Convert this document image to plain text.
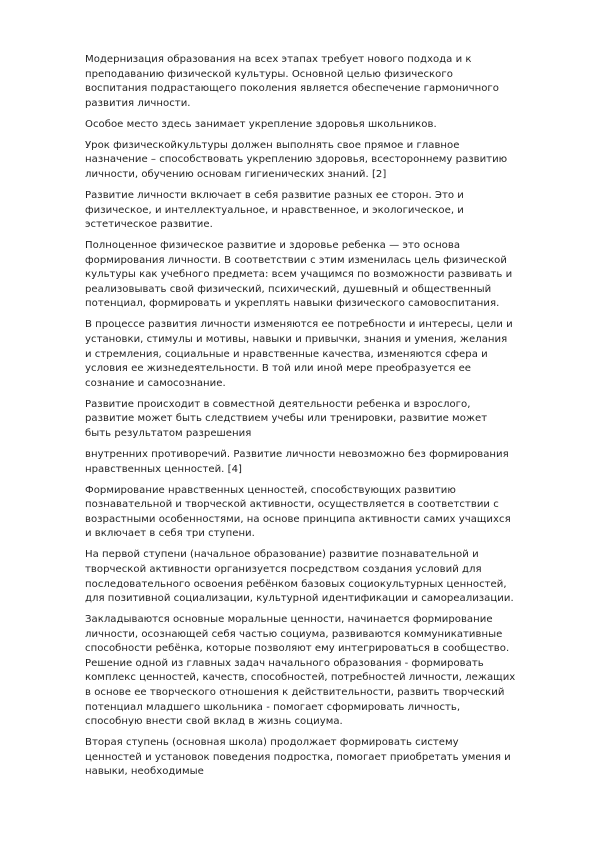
Модернизация образования на всех этапах требует нового подхода и к
преподаванию физической культуры. Основной целью физического
воспитания подрастающего поколения является обеспечение гармоничного
развития личности.

Особое место здесь занимает укрепление здоровья школьников.

Урок физическойкультуры должен выполнять свое прямое и главное
назначение – способствовать укреплению здоровья, всестороннему развитию
личности, обучению основам гигиенических знаний. [2]

Развитие личности включает в себя развитие разных ее сторон. Это и
физическое, и интеллектуальное, и нравственное, и экологическое, и
эстетическое развитие.

Полноценное физическое развитие и здоровье ребенка — это основа
формирования личности. В соответствии с этим изменилась цель физической
культуры как учебного предмета: всем учащимся по возможности развивать и
реализовывать свой физический, психический, душевный и общественный
потенциал, формировать и укреплять навыки физического самовоспитания.

В процессе развития личности изменяются ее потребности и интересы, цели и
установки, стимулы и мотивы, навыки и привычки, знания и умения, желания
и стремления, социальные и нравственные качества, изменяются сфера и
условия ее жизнедеятельности. В той или иной мере преобразуется ее
сознание и самосознание.

Развитие происходит в совместной деятельности ребенка и взрослого,
развитие может быть следствием учебы или тренировки, развитие может
быть результатом разрешения

внутренних противоречий. Развитие личности невозможно без формирования
нравственных ценностей. [4]

Формирование нравственных ценностей, способствующих развитию
познавательной и творческой активности, осуществляется в соответствии с
возрастными особенностями, на основе принципа активности самих учащихся
и включает в себя три ступени.

На первой ступени (начальное образование) развитие познавательной и
творческой активности организуется посредством создания условий для
последовательного освоения ребёнком базовых социокультурных ценностей,
для позитивной социализации, культурной идентификации и самореализации.

Закладываются основные моральные ценности, начинается формирование
личности, осознающей себя частью социума, развиваются коммуникативные
способности ребёнка, которые позволяют ему интегрироваться в сообщество.
Решение одной из главных задач начального образования - формировать
комплекс ценностей, качеств, способностей, потребностей личности, лежащих
в основе ее творческого отношения к действительности, развить творческий
потенциал младшего школьника - помогает сформировать личность,
способную внести свой вклад в жизнь социума.

Вторая ступень (основная школа) продолжает формировать систему
ценностей и установок поведения подростка, помогает приобретать умения и
навыки, необходимые
